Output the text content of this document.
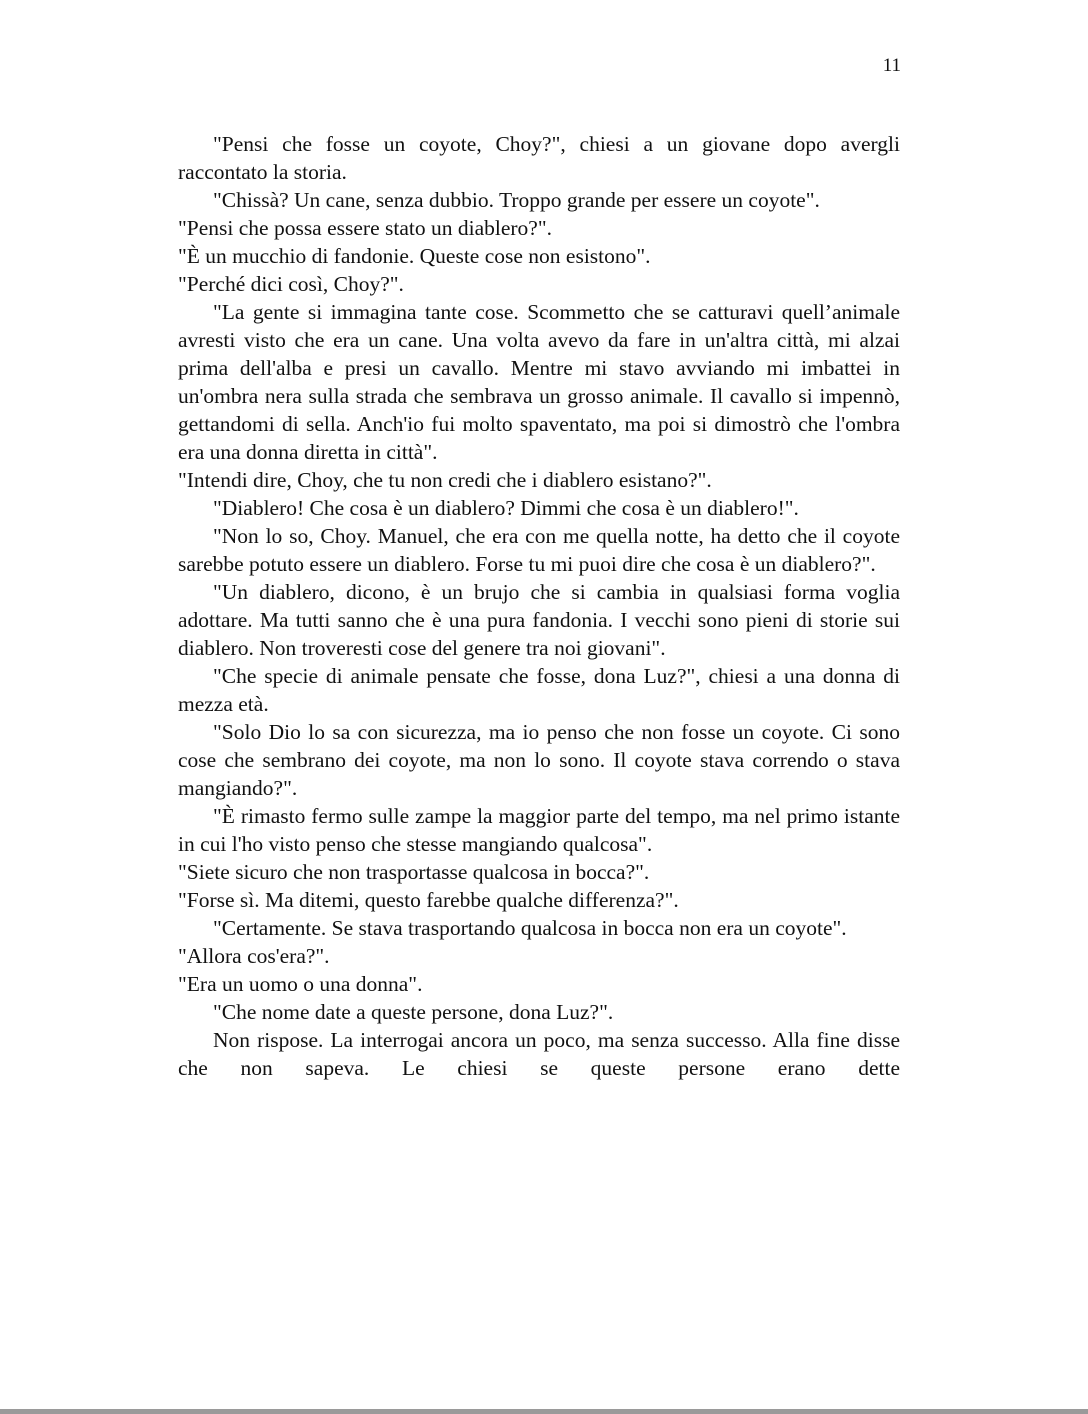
11

"Pensi che fosse un coyote, Choy?", chiesi a un giovane dopo avergli raccontato la storia.

"Chissà? Un cane, senza dubbio. Troppo grande per essere un coyote".

"Pensi che possa essere stato un diablero?".

"È un mucchio di fandonie. Queste cose non esistono".

"Perché dici così, Choy?".

"La gente si immagina tante cose. Scommetto che se catturavi quell’animale avresti visto che era un cane. Una volta avevo da fare in un'altra città, mi alzai prima dell'alba e presi un cavallo. Mentre mi stavo avviando mi imbattei in un'ombra nera sulla strada che sembrava un grosso animale. Il cavallo si impennò, gettandomi di sella. Anch'io fui molto spaventato, ma poi si dimostrò che l'ombra era una donna diretta in città".

"Intendi dire, Choy, che tu non credi che i diablero esistano?".

"Diablero! Che cosa è un diablero? Dimmi che cosa è un diablero!".

"Non lo so, Choy. Manuel, che era con me quella notte, ha detto che il coyote sarebbe potuto essere un diablero. Forse tu mi puoi dire che cosa è un diablero?".

"Un diablero, dicono, è un brujo che si cambia in qualsiasi forma voglia adottare. Ma tutti sanno che è una pura fandonia. I vecchi sono pieni di storie sui diablero. Non troveresti cose del genere tra noi giovani".

"Che specie di animale pensate che fosse, dona Luz?", chiesi a una donna di mezza età.

"Solo Dio lo sa con sicurezza, ma io penso che non fosse un coyote. Ci sono cose che sembrano dei coyote, ma non lo sono. Il coyote stava correndo o stava mangiando?".

"È rimasto fermo sulle zampe la maggior parte del tempo, ma nel primo istante in cui l'ho visto penso che stesse mangiando qualcosa".

"Siete sicuro che non trasportasse qualcosa in bocca?".

"Forse sì. Ma ditemi, questo farebbe qualche differenza?".

"Certamente. Se stava trasportando qualcosa in bocca non era un coyote".

"Allora cos'era?".

"Era un uomo o una donna".

"Che nome date a queste persone, dona Luz?".

Non rispose. La interrogai ancora un poco, ma senza successo. Alla fine disse che non sapeva. Le chiesi se queste persone erano dette
